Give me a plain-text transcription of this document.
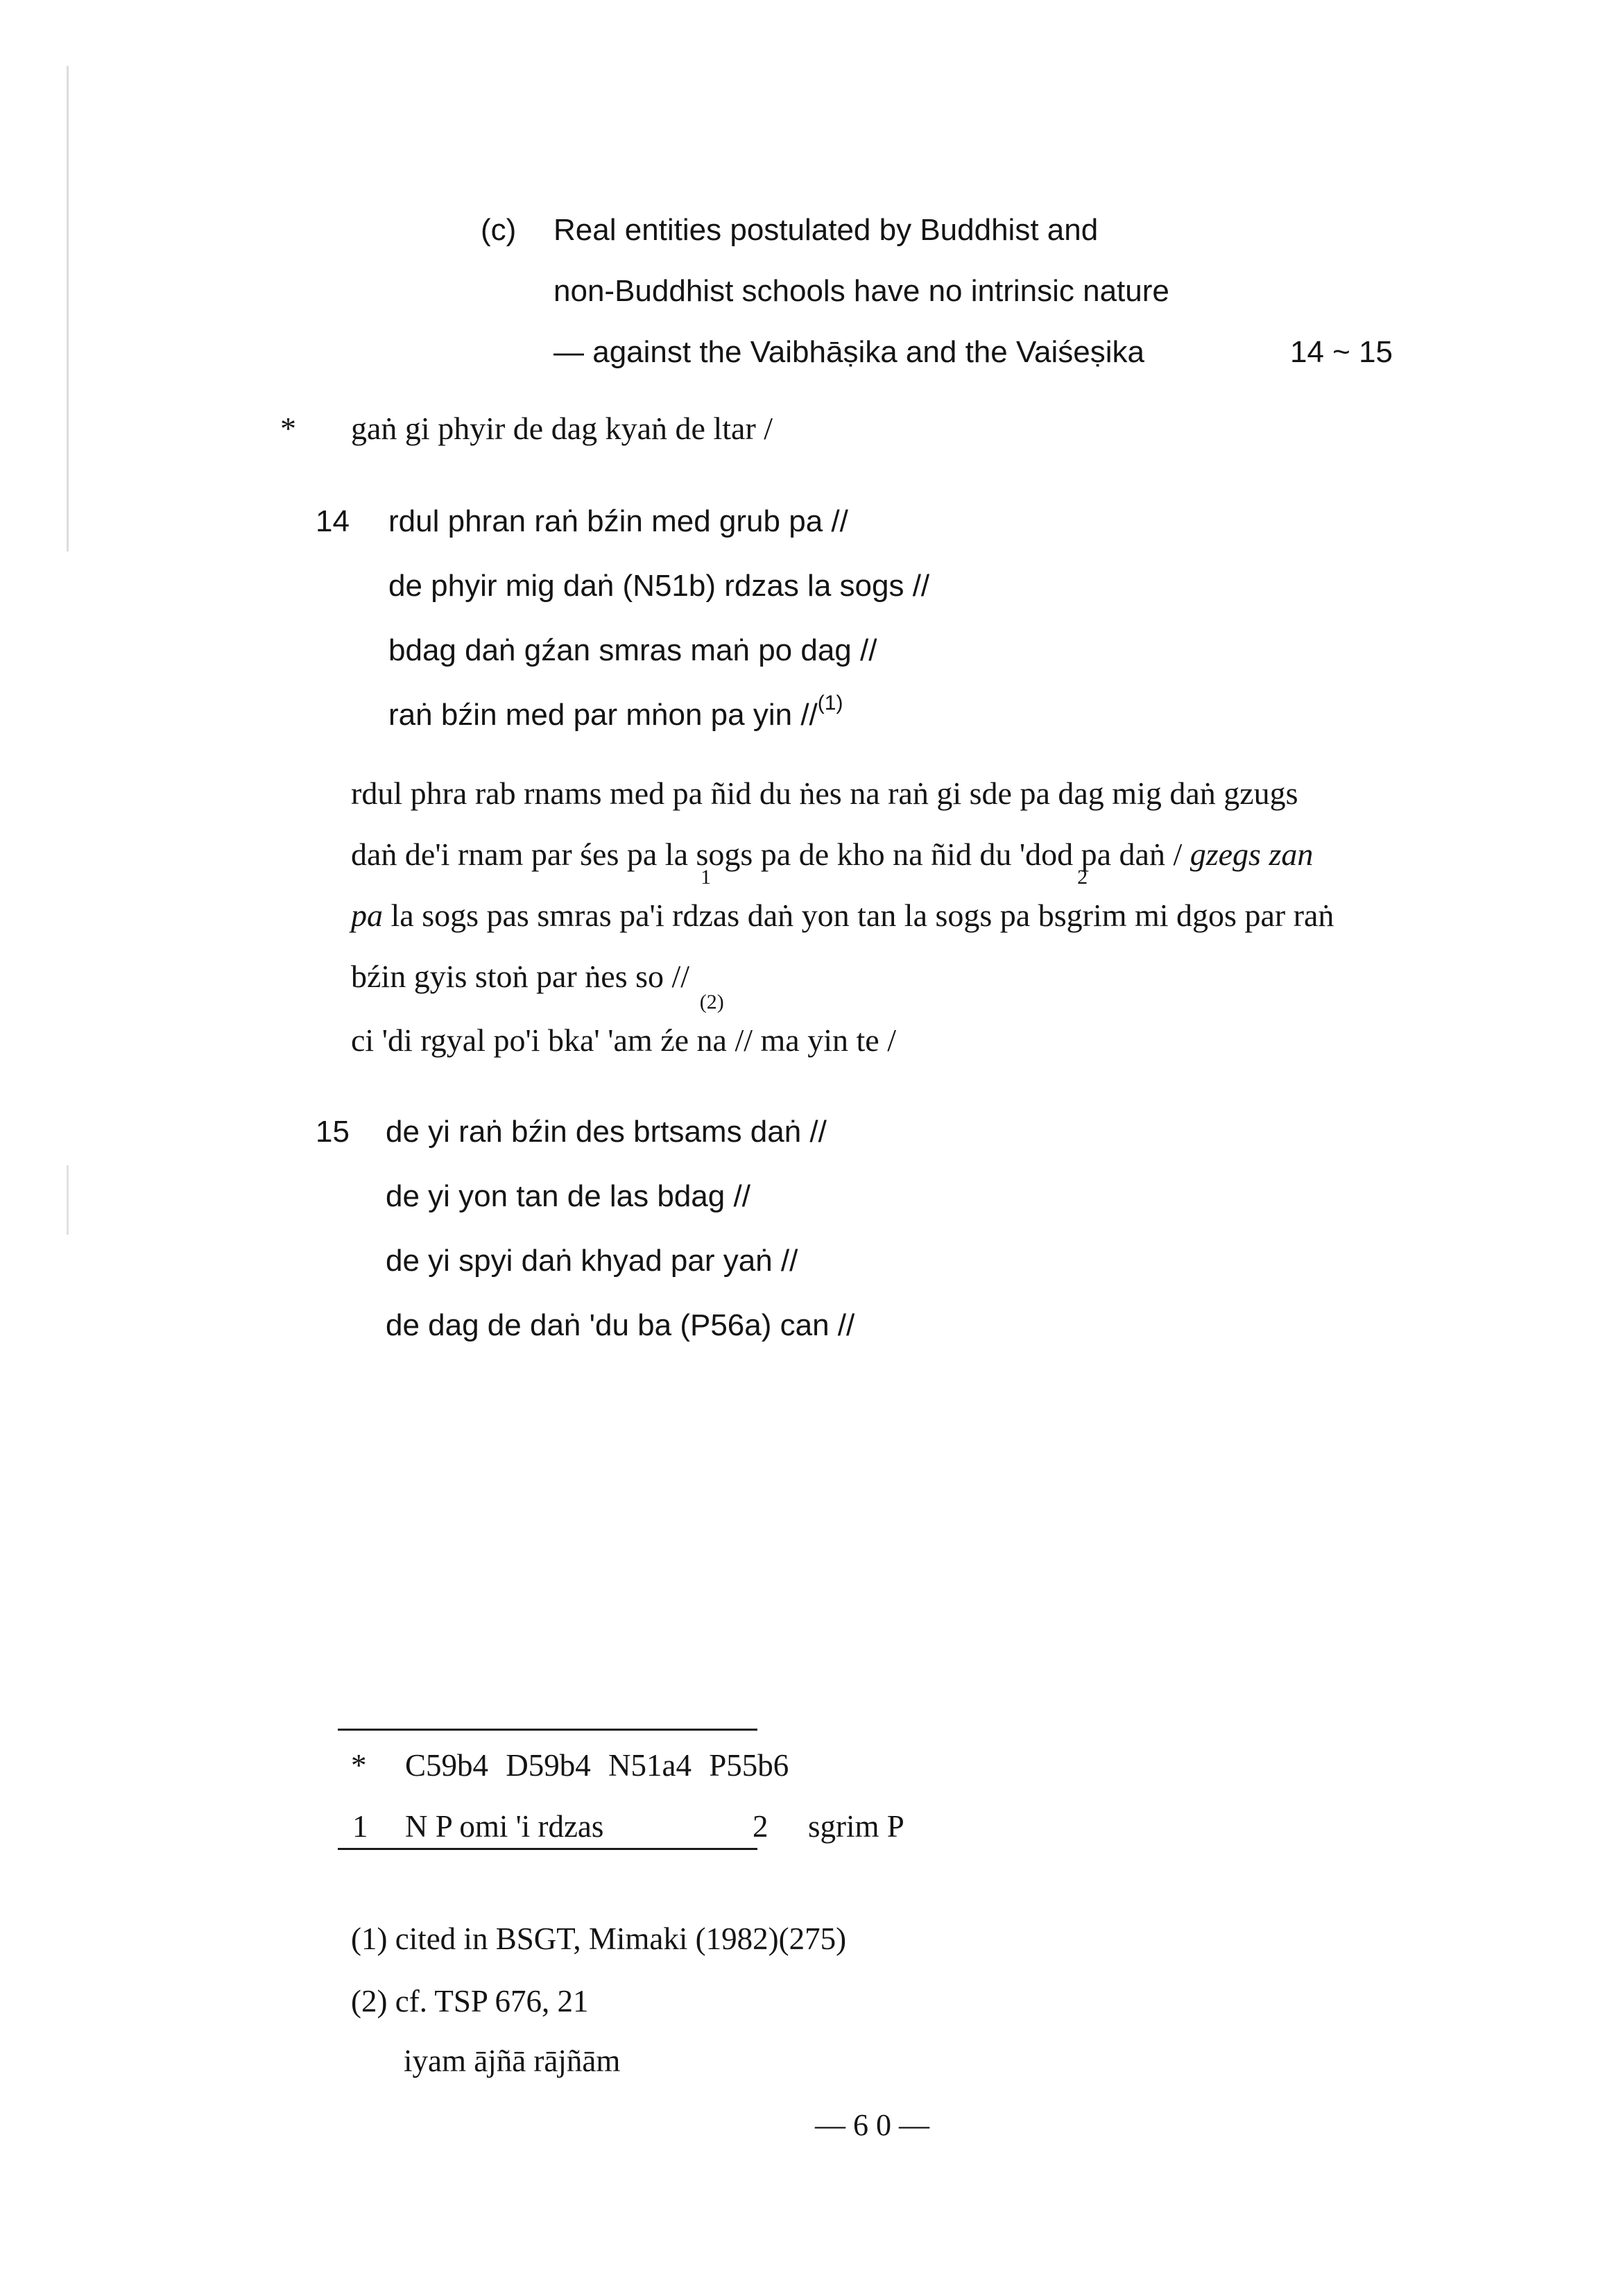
(c) Real entities postulated by Buddhist and
non-Buddhist schools have no intrinsic nature
— against the Vaibhāṣika and the Vaiśeṣika	14 ~ 15
* gaṅ gi phyir de dag kyaṅ de ltar /
14 rdul phran raṅ bźin med grub pa //
de phyir mig daṅ (N51b) rdzas la sogs //
bdag daṅ gźan smras maṅ po dag //
raṅ bźin med par mṅon pa yin //$^{(1)}$
rdul phra rab rnams med pa ñid du ṅes na raṅ gi sde pa dag mig daṅ gzugs
daṅ de'i rnam par śes pa la sogs pa de kho na ñid du 'dod pa daṅ / gzegs zan
pa la sogs pas smras pa'i
1
rdzas daṅ yon tan la sogs pa
2
bsgrim mi dgos par raṅ
bźin gyis stoṅ par ṅes so //
ci 'di rgyal po'i bka' 'am źe
(2)
na // ma yin te /
15 de yi raṅ bźin des brtsams daṅ //
de yi yon tan de las bdag //
de yi spyi daṅ khyad par yaṅ //
de dag de daṅ 'du ba (P56a) can //
* C59b4 D59b4 N51a4 P55b6
1 N P omi 'i rdzas	2 sgrim P
(1) cited in BSGT, Mimaki (1982)(275)
(2) cf. TSP 676, 21
iyam ājñā rājñām
— 6 0 —
